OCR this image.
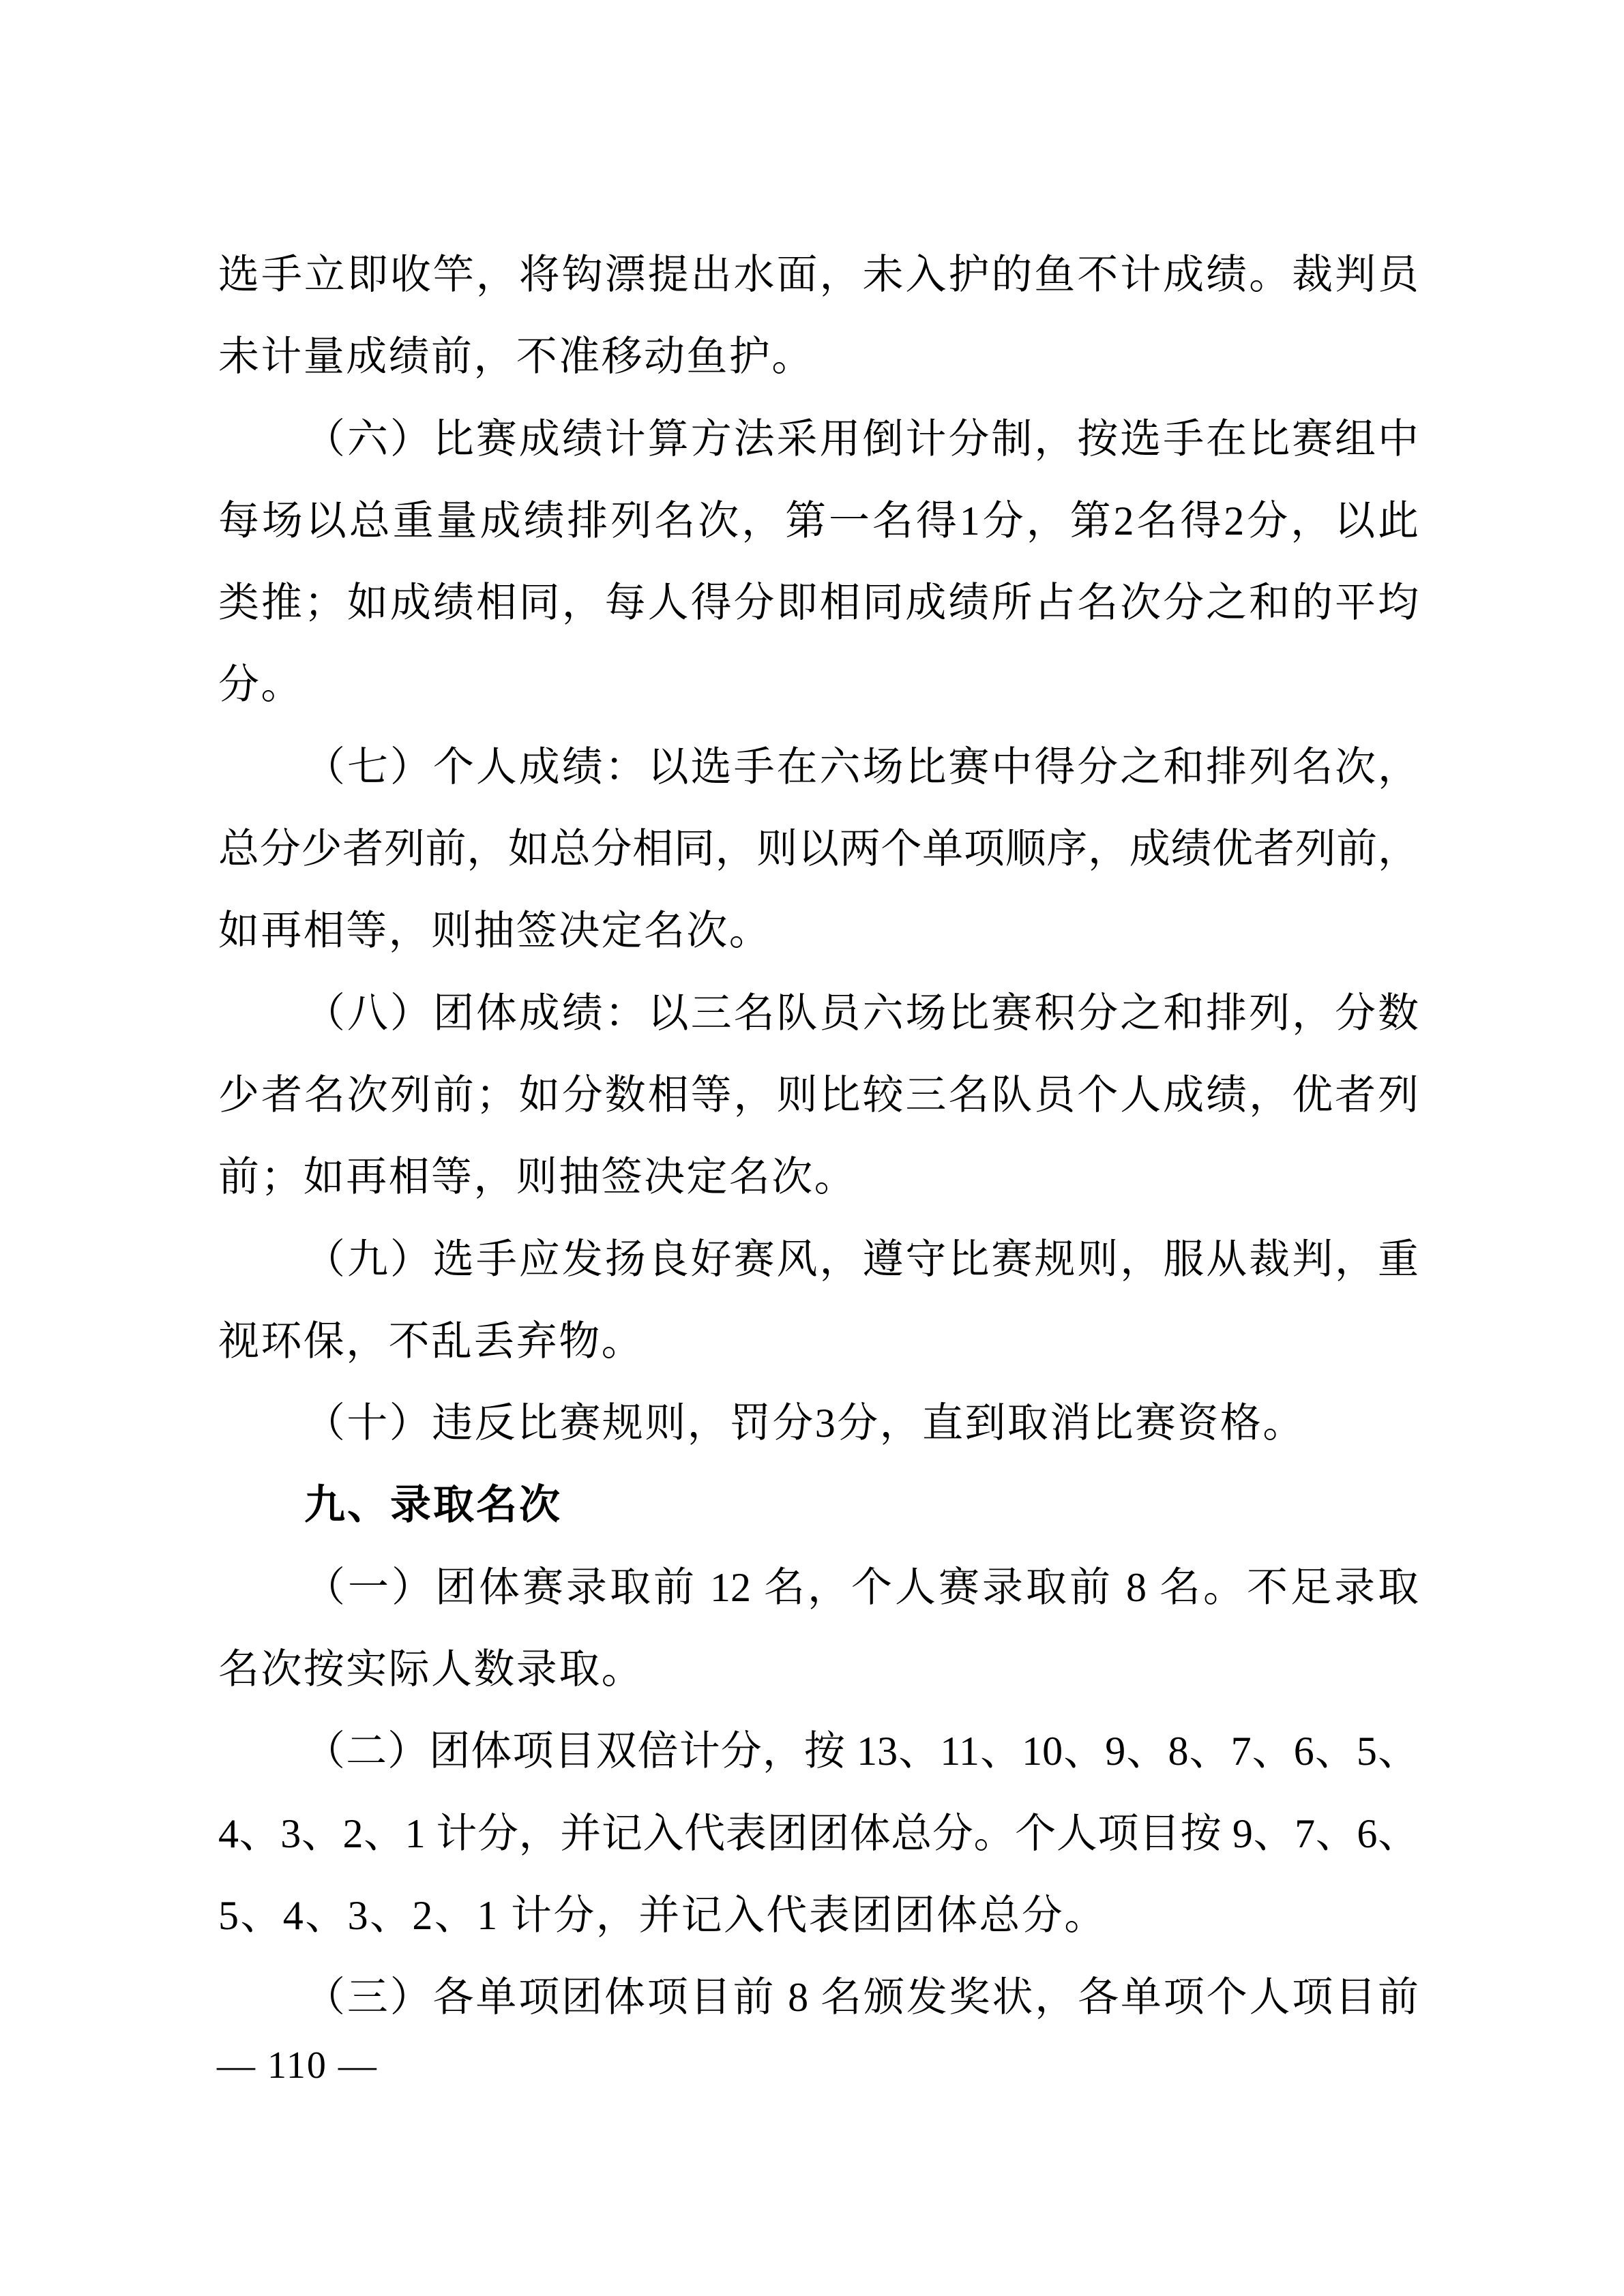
选手立即收竿，将钩漂提出水面，未入护的鱼不计成绩。裁判员
未计量成绩前，不准移动鱼护。
（六）比赛成绩计算方法采用倒计分制，按选手在比赛组中
每场以总重量成绩排列名次，第一名得1分，第2名得2分，以此
类推；如成绩相同，每人得分即相同成绩所占名次分之和的平均
分。
（七）个人成绩：以选手在六场比赛中得分之和排列名次，
总分少者列前，如总分相同，则以两个单项顺序，成绩优者列前，
如再相等，则抽签决定名次。
（八）团体成绩：以三名队员六场比赛积分之和排列，分数
少者名次列前；如分数相等，则比较三名队员个人成绩，优者列
前；如再相等，则抽签决定名次。
（九）选手应发扬良好赛风，遵守比赛规则，服从裁判，重
视环保，不乱丢弃物。
（十）违反比赛规则，罚分3分，直到取消比赛资格。
九、录取名次
（一）团体赛录取前 12 名，个人赛录取前 8 名。不足录取
名次按实际人数录取。
（二）团体项目双倍计分，按 13、11、10、9、8、7、6、5、
4、3、2、1 计分，并记入代表团团体总分。个人项目按 9、7、6、
5、4、3、2、1 计分，并记入代表团团体总分。
（三）各单项团体项目前 8 名颁发奖状，各单项个人项目前
— 110 —
